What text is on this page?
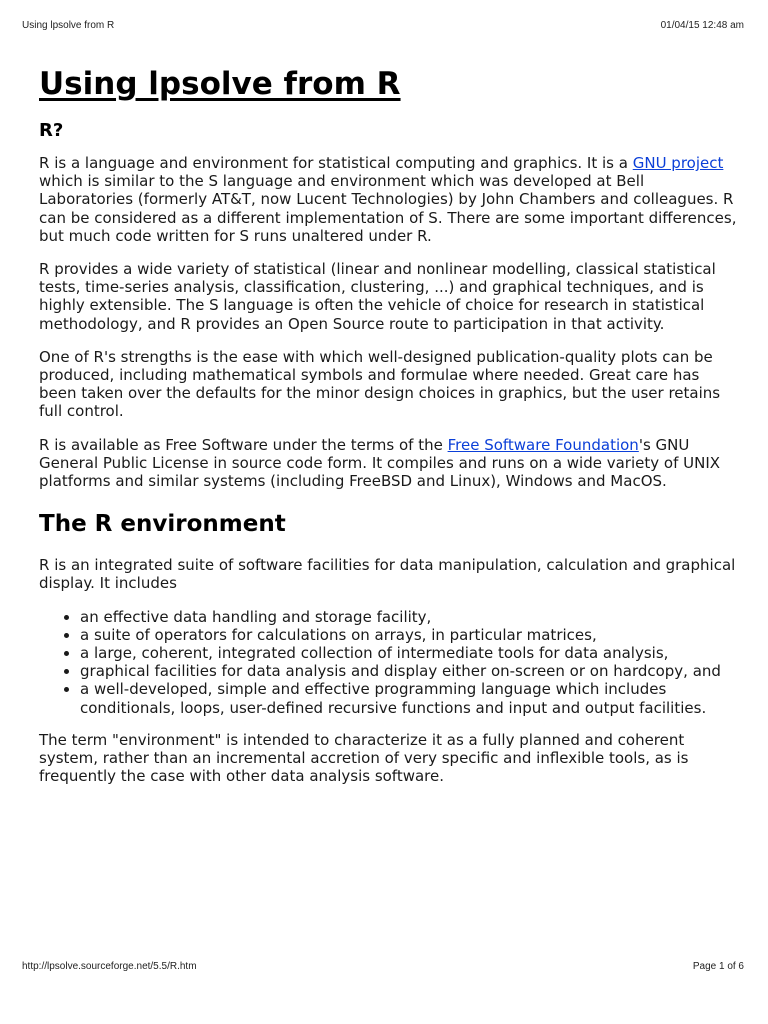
Using lpsolve from R	01/04/15 12:48 am
Using lpsolve from R
R?

R is a language and environment for statistical computing and graphics. It is a GNU project which is similar to the S language and environment which was developed at Bell Laboratories (formerly AT&T, now Lucent Technologies) by John Chambers and colleagues. R can be considered as a different implementation of S. There are some important differences, but much code written for S runs unaltered under R.

R provides a wide variety of statistical (linear and nonlinear modelling, classical statistical tests, time-series analysis, classification, clustering, ...) and graphical techniques, and is highly extensible. The S language is often the vehicle of choice for research in statistical methodology, and R provides an Open Source route to participation in that activity.

One of R's strengths is the ease with which well-designed publication-quality plots can be produced, including mathematical symbols and formulae where needed. Great care has been taken over the defaults for the minor design choices in graphics, but the user retains full control.

R is available as Free Software under the terms of the Free Software Foundation's GNU General Public License in source code form. It compiles and runs on a wide variety of UNIX platforms and similar systems (including FreeBSD and Linux), Windows and MacOS.

The R environment

R is an integrated suite of software facilities for data manipulation, calculation and graphical display. It includes

• an effective data handling and storage facility,
• a suite of operators for calculations on arrays, in particular matrices,
• a large, coherent, integrated collection of intermediate tools for data analysis,
• graphical facilities for data analysis and display either on-screen or on hardcopy, and
• a well-developed, simple and effective programming language which includes conditionals, loops, user-defined recursive functions and input and output facilities.

The term "environment" is intended to characterize it as a fully planned and coherent system, rather than an incremental accretion of very specific and inflexible tools, as is frequently the case with other data analysis software.

http://lpsolve.sourceforge.net/5.5/R.htm	Page 1 of 6
